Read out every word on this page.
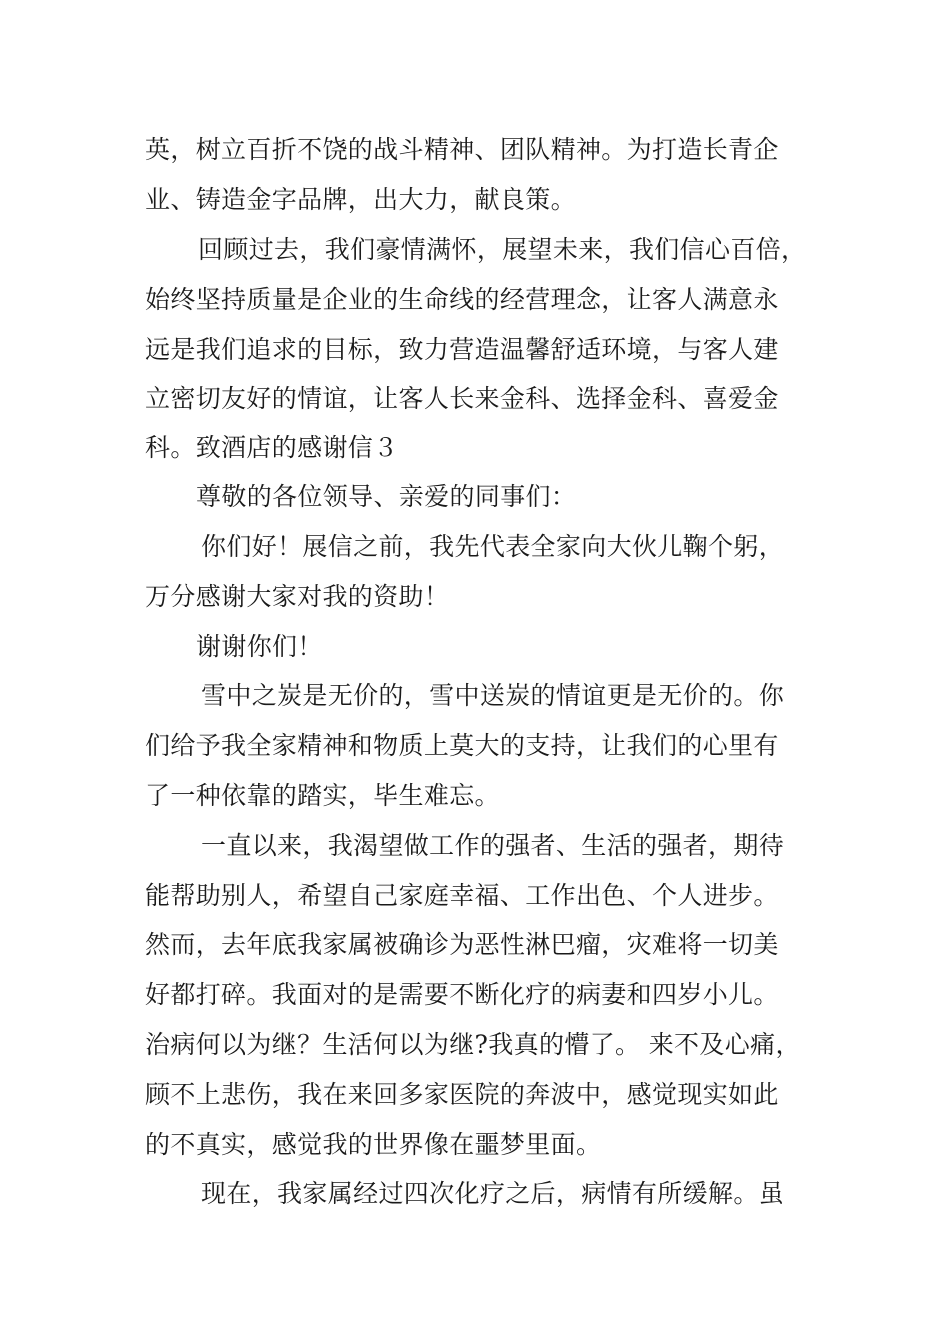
英，树立百折不饶的战斗精神、团队精神。为打造长青企

业、铸造金字品牌，出大力，献良策。

回顾过去，我们豪情满怀，展望未来，我们信心百倍，

始终坚持质量是企业的生命线的经营理念，让客人满意永

远是我们追求的目标，致力营造温馨舒适环境，与客人建

立密切友好的情谊，让客人长来金科、选择金科、喜爱金

科。致酒店的感谢信３

尊敬的各位领导、亲爱的同事们：

你们好！展信之前，我先代表全家向大伙儿鞠个躬，

万分感谢大家对我的资助！

谢谢你们！

雪中之炭是无价的，雪中送炭的情谊更是无价的。你

们给予我全家精神和物质上莫大的支持，让我们的心里有

了一种依靠的踏实，毕生难忘。

一直以来，我渴望做工作的强者、生活的强者，期待

能帮助别人，希望自己家庭幸福、工作出色、个人进步。

然而，去年底我家属被确诊为恶性淋巴瘤，灾难将一切美

好都打碎。我面对的是需要不断化疗的病妻和四岁小儿。

治病何以为继？生活何以为继?我真的懵了。 来不及心痛，

顾不上悲伤，我在来回多家医院的奔波中，感觉现实如此

的不真实，感觉我的世界像在噩梦里面。

现在，我家属经过四次化疗之后，病情有所缓解。虽
